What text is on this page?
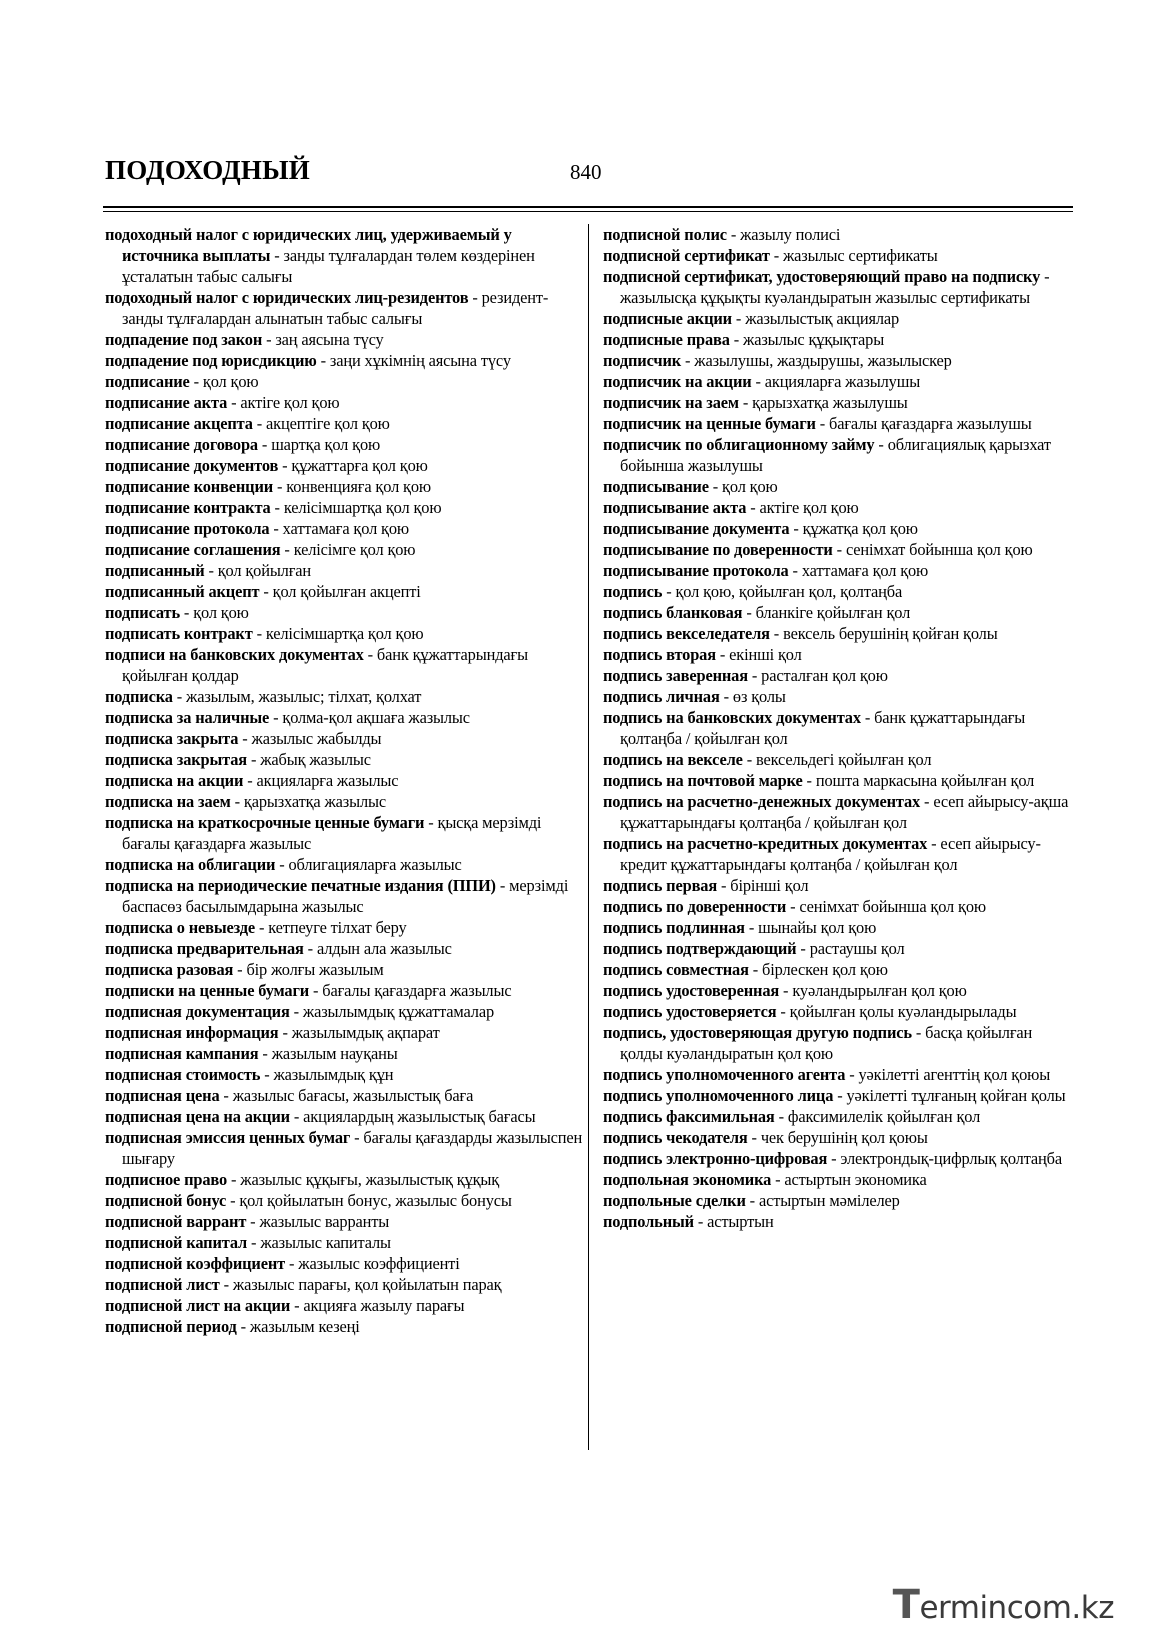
ПОДОХОДНЫЙ	840
подоходный налог с юридических лиц, удерживаемый у источника выплаты - занды тұлғалардан төлем көздерінен ұсталатын табыс салығы
подоходный налог с юридических лиц-резидентов - резидент-занды тұлғалардан алынатын табыс салығы
подпадение под закон - заң аясына түсу
подпадение под юрисдикцию - заңи хұкімнің аясына түсу
подписание - қол қою
подписание акта - актіге қол қою
подписание акцепта - акцептіге қол қою
подписание договора - шартқа қол қою
подписание документов - құжаттарға қол қою
подписание конвенции - конвенцияға қол қою
подписание контракта - келісімшартқа қол қою
подписание протокола - хаттамаға қол қою
подписание соглашения - келісімге қол қою
подписанный - қол қойылған
подписанный акцепт - қол қойылған акцепті
подписать - қол қою
подписать контракт - келісімшартқа қол қою
подписи на банковских документах - банк құжаттарындағы қойылған қолдар
подписка - жазылым, жазылыс; тілхат, қолхат
подписка за наличные - қолма-қол ақшаға жазылыс
подписка закрыта - жазылыс жабылды
подписка закрытая - жабық жазылыс
подписка на акции - акцияларға жазылыс
подписка на заем - қарызхатқа жазылыс
подписка на краткосрочные ценные бумаги - қысқа мерзімді бағалы қағаздарға жазылыс
подписка на облигации - облигацияларға жазылыс
подписка на периодические печатные издания (ППИ) - мерзімді баспасөз басылымдарына жазылыс
подписка о невыезде - кетпеуге тілхат беру
подписка предварительная - алдын ала жазылыс
подписка разовая - бір жолғы жазылым
подписки на ценные бумаги - бағалы қағаздарға жазылыс
подписная документация - жазылымдық құжаттамалар
подписная информация - жазылымдық ақпарат
подписная кампания - жазылым науқаны
подписная стоимость - жазылымдық құн
подписная цена - жазылыс бағасы, жазылыстық баға
подписная цена на акции - акциялардың жазылыстық бағасы
подписная эмиссия ценных бумаг - бағалы қағаздарды жазылыспен шығару
подписное право - жазылыс құқығы, жазылыстық құқық
подписной бонус - қол қойылатын бонус, жазылыс бонусы
подписной варрант - жазылыс варранты
подписной капитал - жазылыс капиталы
подписной коэффициент - жазылыс коэффициенті
подписной лист - жазылыс парағы, қол қойылатын парақ
подписной лист на акции - акцияға жазылу парағы
подписной период - жазылым кезеңі
подписной полис - жазылу полисі
подписной сертификат - жазылыс сертификаты
подписной сертификат, удостоверяющий право на подписку - жазылысқа құқықты куәландыратын жазылыс сертификаты
подписные акции - жазылыстық акциялар
подписные права - жазылыс құқықтары
подписчик - жазылушы, жаздырушы, жазылыскер
подписчик на акции - акцияларға жазылушы
подписчик на заем - қарызхатқа жазылушы
подписчик на ценные бумаги - бағалы қағаздарға жазылушы
подписчик по облигационному займу - облигациялық қарызхат бойынша жазылушы
подписывание - қол қою
подписывание акта - актіге қол қою
подписывание документа - құжатқа қол қою
подписывание по доверенности - сенімхат бойынша қол қою
подписывание протокола - хаттамаға қол қою
подпись - қол қою, қойылған қол, қолтаңба
подпись бланковая - бланкіге қойылған қол
подпись векселедателя - вексель берушінің қойған қолы
подпись вторая - екінші қол
подпись заверенная - расталған қол қою
подпись личная - өз қолы
подпись на банковских документах - банк құжаттарындағы қолтаңба / қойылған қол
подпись на векселе - вексельдегі қойылған қол
подпись на почтовой марке - пошта маркасына қойылған қол
подпись на расчетно-денежных документах - есеп айырысу-ақша құжаттарындағы қолтаңба / қойылған қол
подпись на расчетно-кредитных документах - есеп айырысу-кредит құжаттарындағы қолтаңба / қойылған қол
подпись первая - бірінші қол
подпись по доверенности - сенімхат бойынша қол қою
подпись подлинная - шынайы қол қою
подпись подтверждающий - растаушы қол
подпись совместная - бірлескен қол қою
подпись удостоверенная - куәландырылған қол қою
подпись удостоверяется - қойылған қолы куәландырылады
подпись, удостоверяющая другую подпись - басқа қойылған қолды куәландыратын қол қою
подпись уполномоченного агента - уәкілетті агенттің қол қоюы
подпись уполномоченного лица - уәкілетті тұлғаның қойған қолы
подпись факсимильная - факсимилелік қойылған қол
подпись чекодателя - чек берушінің қол қоюы
подпись электронно-цифровая - электрондық-цифрлық қолтаңба
подпольная экономика - астыртын экономика
подпольные сделки - астыртын мәмілелер
подпольный - астыртын
Termincom.kz
